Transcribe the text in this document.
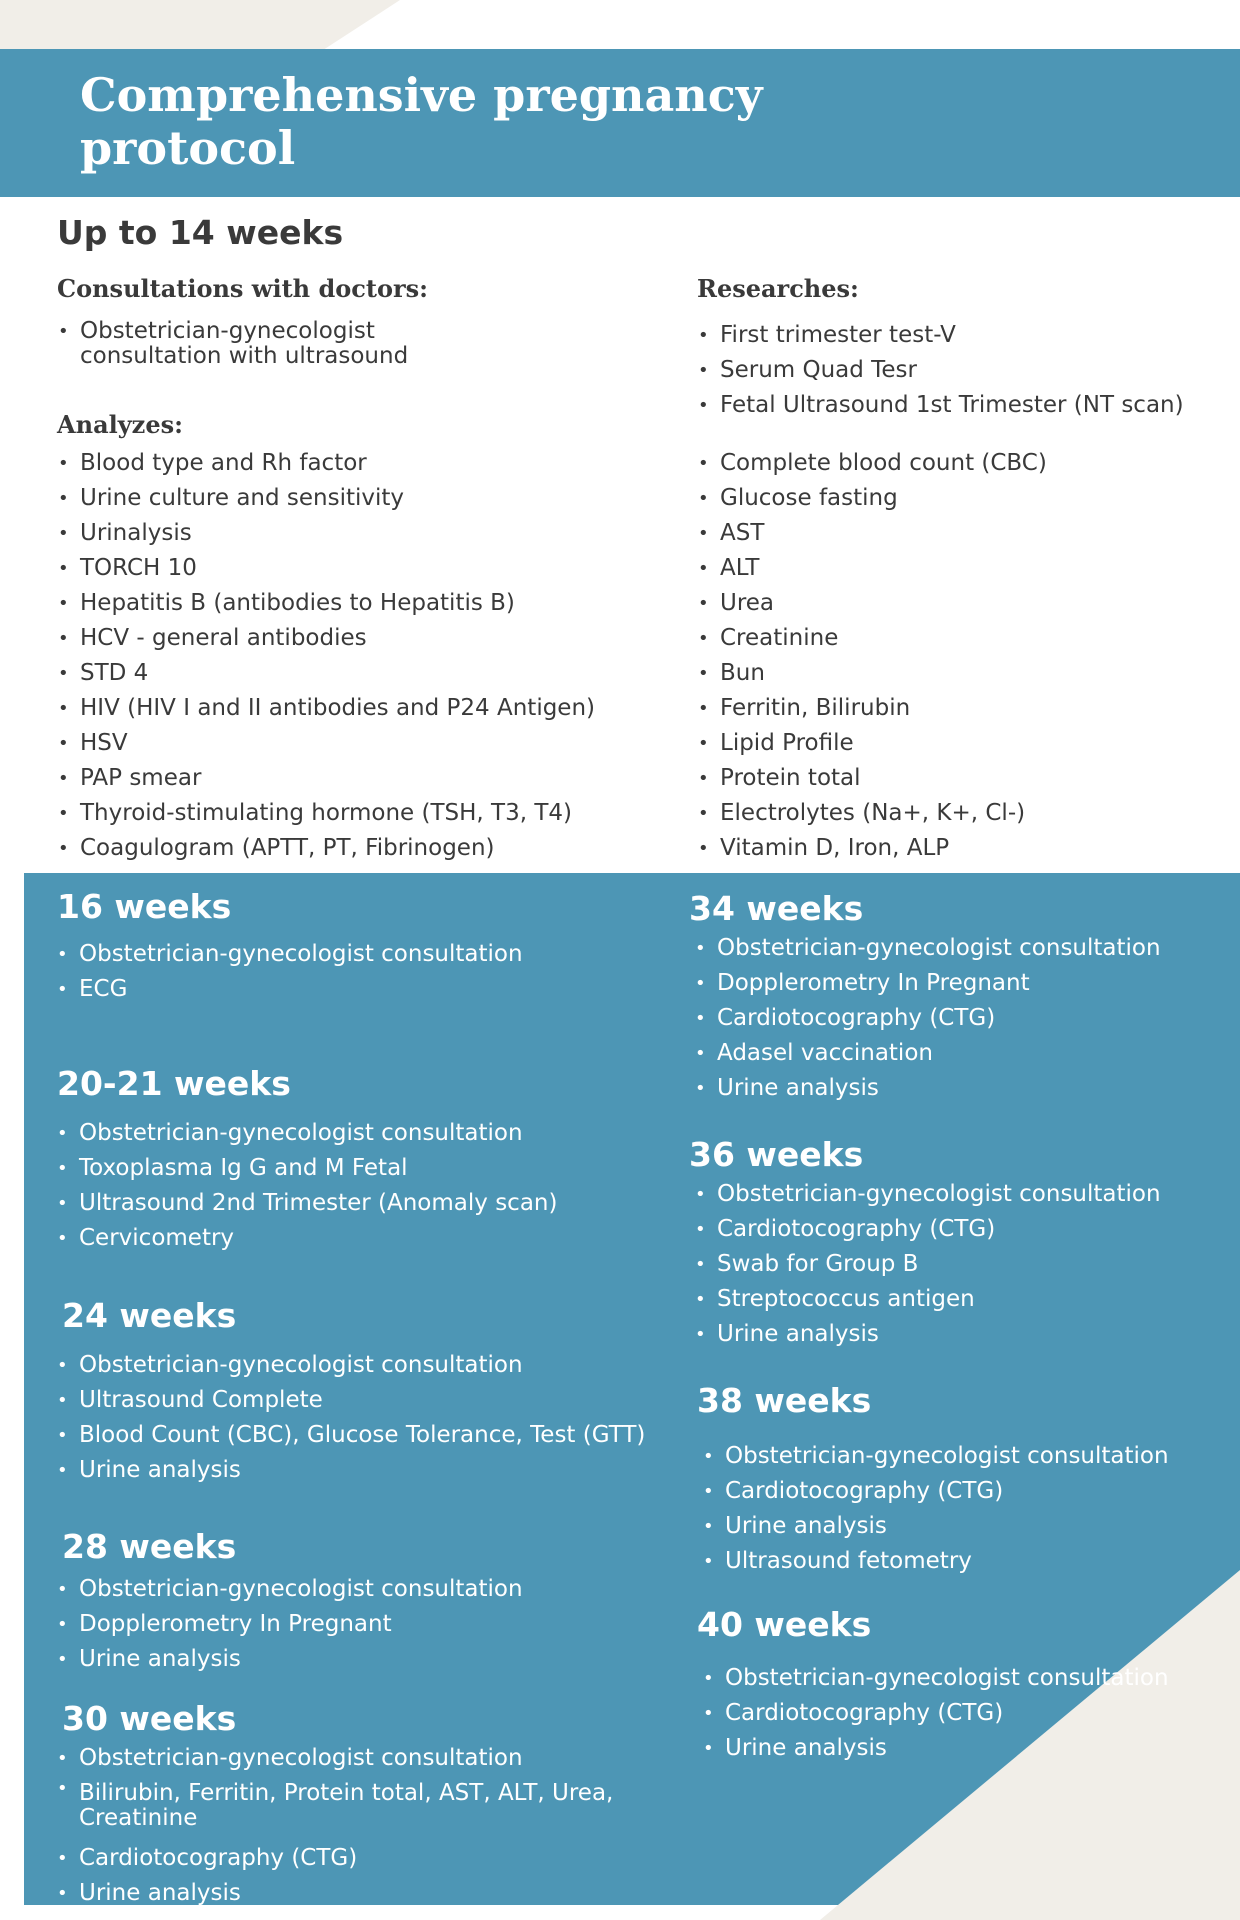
Comprehensive pregnancy protocol
Up to 14 weeks
Consultations with doctors:
• Obstetrician-gynecologist consultation with ultrasound
Researches:
• First trimester test-V
• Serum Quad Tesr
• Fetal Ultrasound 1st Trimester (NT scan)
Analyzes:
• Blood type and Rh factor
• Urine culture and sensitivity
• Urinalysis
• TORCH 10
• Hepatitis B (antibodies to Hepatitis B)
• HCV - general antibodies
• STD 4
• HIV (HIV I and II antibodies and P24 Antigen)
• HSV
• PAP smear
• Thyroid-stimulating hormone (TSH, T3, T4)
• Coagulogram (APTT, PT, Fibrinogen)
• Complete blood count (CBC)
• Glucose fasting
• AST
• ALT
• Urea
• Creatinine
• Bun
• Ferritin, Bilirubin
• Lipid Profile
• Protein total
• Electrolytes (Na+, K+, Cl-)
• Vitamin D, Iron, ALP
16 weeks
• Obstetrician-gynecologist consultation
• ECG
20-21 weeks
• Obstetrician-gynecologist consultation
• Toxoplasma Ig G and M Fetal
• Ultrasound 2nd Trimester (Anomaly scan)
• Cervicometry
24 weeks
• Obstetrician-gynecologist consultation
• Ultrasound Complete
• Blood Count (CBC), Glucose Tolerance, Test (GTT)
• Urine analysis
28 weeks
• Obstetrician-gynecologist consultation
• Dopplerometry In Pregnant
• Urine analysis
30 weeks
• Obstetrician-gynecologist consultation
• Bilirubin, Ferritin, Protein total, AST, ALT, Urea, Creatinine
• Cardiotocography (CTG)
• Urine analysis
34 weeks
• Obstetrician-gynecologist consultation
• Dopplerometry In Pregnant
• Cardiotocography (CTG)
• Adasel vaccination
• Urine analysis
36 weeks
• Obstetrician-gynecologist consultation
• Cardiotocography (CTG)
• Swab for Group B
• Streptococcus antigen
• Urine analysis
38 weeks
• Obstetrician-gynecologist consultation
• Cardiotocography (CTG)
• Urine analysis
• Ultrasound fetometry
40 weeks
• Obstetrician-gynecologist consultation
• Cardiotocography (CTG)
• Urine analysis
